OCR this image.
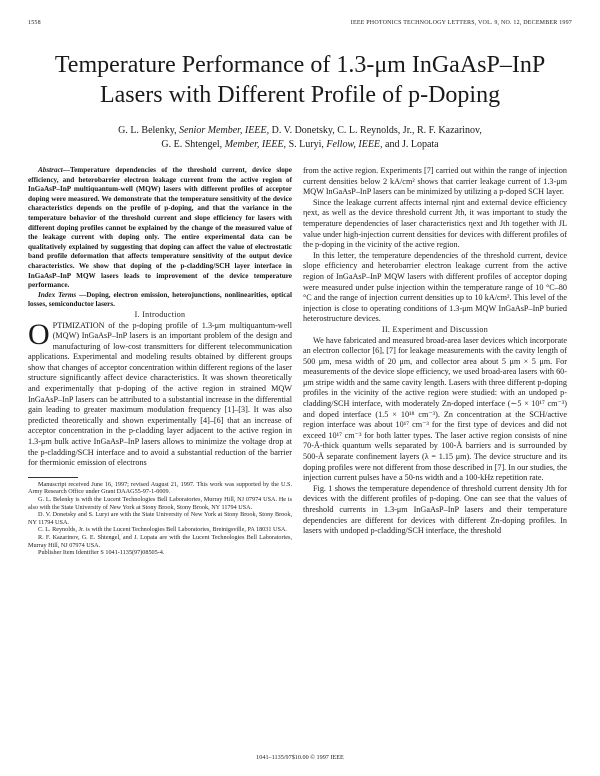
1558	IEEE PHOTONICS TECHNOLOGY LETTERS, VOL. 9, NO. 12, DECEMBER 1997
Temperature Performance of 1.3-μm InGaAsP–InP
Lasers with Different Profile of p-Doping
G. L. Belenky, Senior Member, IEEE, D. V. Donetsky, C. L. Reynolds, Jr., R. F. Kazarinov,
G. E. Shtengel, Member, IEEE, S. Luryi, Fellow, IEEE, and J. Lopata

Abstract—Temperature dependencies of the threshold current, device slope efficiency, and heterobarrier electron leakage current from the active region of InGaAsP–InP multiquantum-well (MQW) lasers with different profiles of acceptor doping were measured. We demonstrate that the temperature sensitivity of the device characteristics depends on the profile of p-doping, and that the variance in the temperature behavior of the threshold current and slope efficiency for lasers with different doping profiles cannot be explained by the change of the measured value of the leakage current with doping only. The entire experimental data can be qualitatively explained by suggesting that doping can affect the value of electrostatic band profile deformation that affects temperature sensitivity of the output device characteristics. We show that doping of the p-cladding/SCH layer interface in InGaAsP–InP MQW lasers leads to improvement of the device temperature performance.

Index Terms —Doping, electron emission, heterojunctions, nonlinearities, optical losses, semiconductor lasers.

I. Introduction

OPTIMIZATION of the p-doping profile of 1.3-μm multiquantum-well (MQW) InGaAsP–InP lasers is an important problem of the design and manufacturing of low-cost transmitters for different telecommunication applications. Experimental and modeling results obtained by different groups show that changes of acceptor concentration within different regions of the laser structure significantly affect device characteristics. It was shown theoretically and experimentally that p-doping of the active region in strained MQW InGaAsP–InP lasers can be attributed to a substantial increase in the differential gain leading to greater maximum modulation frequency [1]–[3]. It was also predicted theoretically and shown experimentally [4]–[6] that an increase of acceptor concentration in the p-cladding layer adjacent to the active region in 1.3-μm bulk active InGaAsP–InP lasers allows to minimize the voltage drop at the p-cladding/SCH interface and to avoid a substantial reduction of the barrier for thermionic emission of electrons

Manuscript received June 16, 1997; revised August 21, 1997. This work was supported by the U.S. Army Research Office under Grant DAAG55-97-1-0009.

G. L. Belenky is with the Lucent Technologies Bell Laboratories, Murray Hill, NJ 07974 USA. He is also with the State University of New York at Stony Brook, Stony Brook, NY 11794 USA.

D. V. Donetsky and S. Luryi are with the State University of New York at Stony Brook, Stony Brook, NY 11794 USA.

C. L. Reynolds, Jr. is with the Lucent Technologies Bell Laboratories, Breinigsville, PA 18031 USA.

R. F. Kazarinov, G. E. Shtengel, and J. Lopata are with the Lucent Technologies Bell Laboratories, Murray Hill, NJ 07974 USA.

Publisher Item Identifier S 1041-1135(97)08505-4.

from the active region. Experiments [7] carried out within the range of injection current densities below 2 kA/cm² shows that carrier leakage current of 1.3-μm MQW InGaAsP–InP lasers can be minimized by utilizing a p-doped SCH layer.

Since the leakage current affects internal ηint and external device efficiency ηext, as well as the device threshold current Jth, it was important to study the temperature dependencies of laser characteristics ηext and Jth together with JL value under high-injection current densities for devices with different profiles of the p-doping in the vicinity of the active region.

In this letter, the temperature dependencies of the threshold current, device slope efficiency and heterobarrier electron leakage current from the active region of InGaAsP–InP MQW lasers with different profiles of acceptor doping were measured under pulse injection within the temperature range of 10 °C–80 °C and the range of injection current densities up to 10 kA/cm². This level of the injection is close to operating conditions of 1.3-μm MQW InGaAsP–InP buried heterostructure devices.

II. Experiment and Discussion

We have fabricated and measured broad-area laser devices which incorporate an electron collector [6], [7] for leakage measurements with the cavity length of 500 μm, mesa width of 20 μm, and collector area about 5 μm × 5 μm. For measurements of the device slope efficiency, we used broad-area lasers with 60-μm stripe width and the same cavity length. Lasers with three different p-doping profiles in the vicinity of the active region were studied: with an undoped p-cladding/SCH interface, with moderately Zn-doped interface (∼5 × 10¹⁷ cm⁻³) and doped interface (1.5 × 10¹⁸ cm⁻³). Zn concentration at the SCH/active region interface was about 10¹⁷ cm⁻³ for the first type of devices and did not exceed 10¹⁷ cm⁻³ for both latter types. The laser active region consists of nine 70-Å-thick quantum wells separated by 100-Å barriers and is surrounded by 500-Å separate confinement layers (λ = 1.15 μm). The device structure and its doping profiles were not different from those described in [7]. In our studies, the injection current pulses have a 50-ns width and a 100-kHz repetition rate.

Fig. 1 shows the temperature dependence of threshold current density Jth for devices with the different profiles of p-doping. One can see that the values of threshold currents in 1.3-μm InGaAsP–InP lasers and their temperature dependencies are different for devices with different Zn-doping profiles. In lasers with undoped p-cladding/SCH interface, the threshold

1041–1135/97$10.00 © 1997 IEEE
